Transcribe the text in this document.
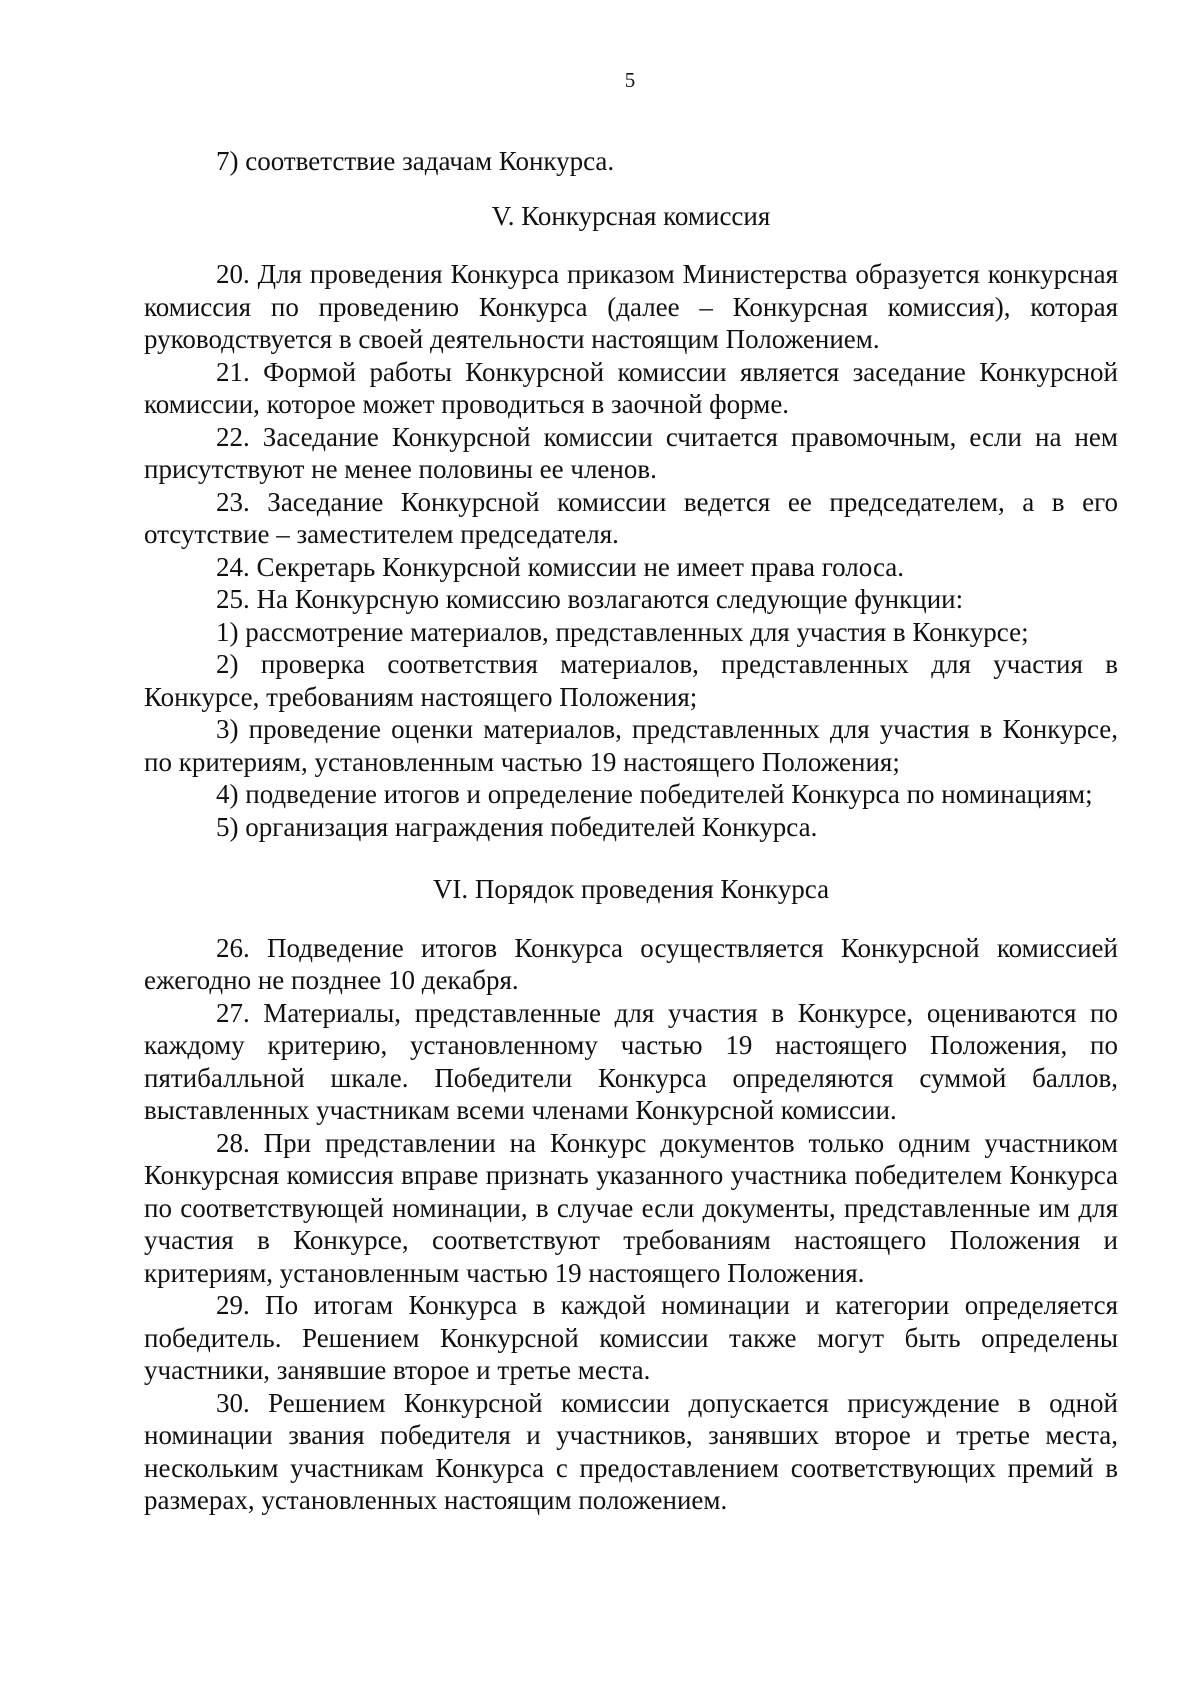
5

7) соответствие задачам Конкурса.

V. Конкурсная комиссия

20. Для проведения Конкурса приказом Министерства образуется конкурсная комиссия по проведению Конкурса (далее – Конкурсная комиссия), которая руководствуется в своей деятельности настоящим Положением.

21. Формой работы Конкурсной комиссии является заседание Конкурсной комиссии, которое может проводиться в заочной форме.

22. Заседание Конкурсной комиссии считается правомочным, если на нем присутствуют не менее половины ее членов.

23. Заседание Конкурсной комиссии ведется ее председателем, а в его отсутствие – заместителем председателя.

24. Секретарь Конкурсной комиссии не имеет права голоса.

25. На Конкурсную комиссию возлагаются следующие функции:

1) рассмотрение материалов, представленных для участия в Конкурсе;

2) проверка соответствия материалов, представленных для участия в Конкурсе, требованиям настоящего Положения;

3) проведение оценки материалов, представленных для участия в Конкурсе, по критериям, установленным частью 19 настоящего Положения;

4) подведение итогов и определение победителей Конкурса по номинациям;

5) организация награждения победителей Конкурса.

VI. Порядок проведения Конкурса

26. Подведение итогов Конкурса осуществляется Конкурсной комиссией ежегодно не позднее 10 декабря.

27. Материалы, представленные для участия в Конкурсе, оцениваются по каждому критерию, установленному частью 19 настоящего Положения, по пятибалльной шкале. Победители Конкурса определяются суммой баллов, выставленных участникам всеми членами Конкурсной комиссии.

28. При представлении на Конкурс документов только одним участником Конкурсная комиссия вправе признать указанного участника победителем Конкурса по соответствующей номинации, в случае если документы, представленные им для участия в Конкурсе, соответствуют требованиям настоящего Положения и критериям, установленным частью 19 настоящего Положения.

29. По итогам Конкурса в каждой номинации и категории определяется победитель. Решением Конкурсной комиссии также могут быть определены участники, занявшие второе и третье места.

30. Решением Конкурсной комиссии допускается присуждение в одной номинации звания победителя и участников, занявших второе и третье места, нескольким участникам Конкурса с предоставлением соответствующих премий в размерах, установленных настоящим положением.
